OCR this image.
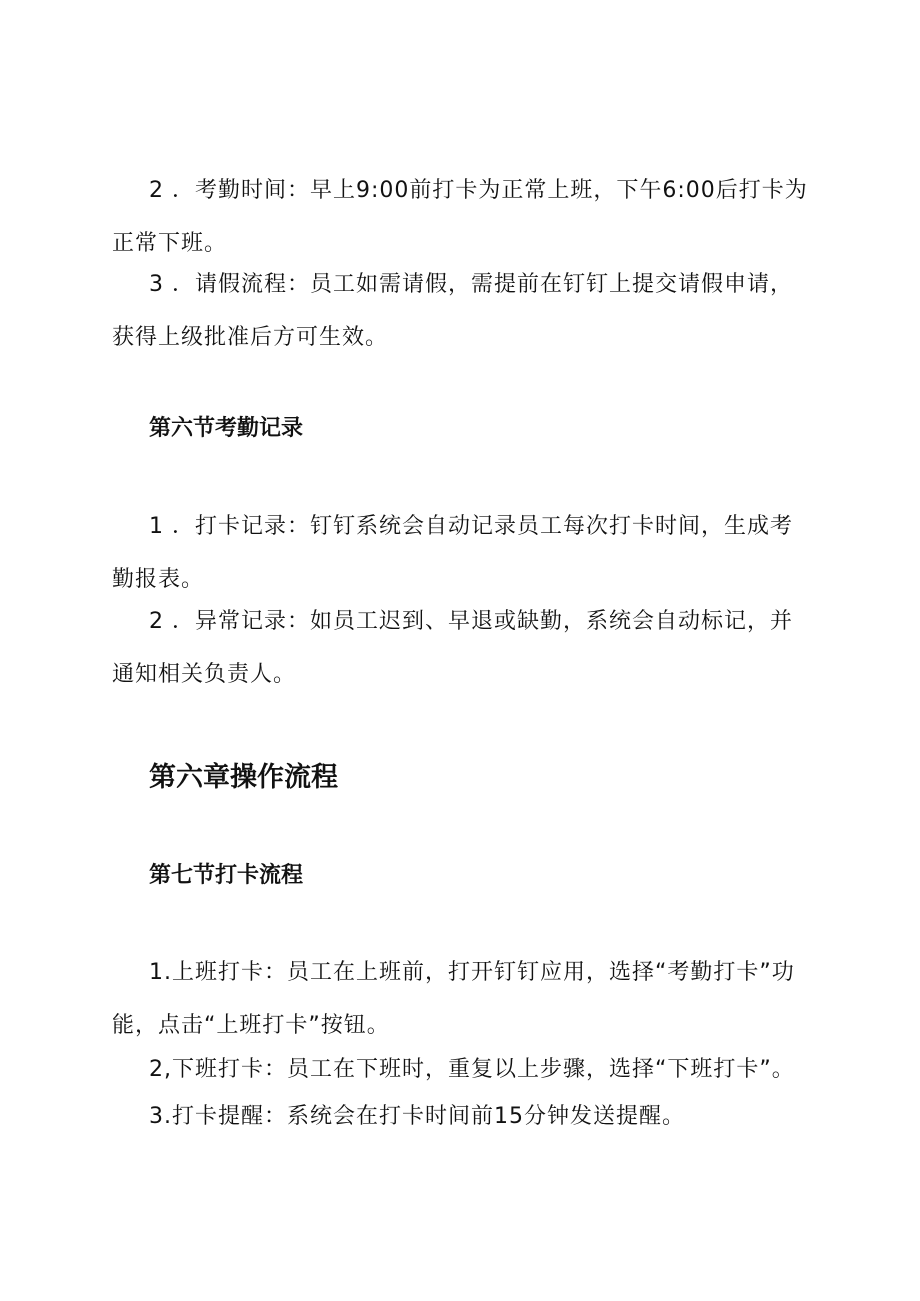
2 ．考勤时间：早上9:00前打卡为正常上班，下午6:00后打卡为正常下班。

3 ．请假流程：员工如需请假，需提前在钉钉上提交请假申请，获得上级批准后方可生效。

第六节考勤记录

1 ．打卡记录：钉钉系统会自动记录员工每次打卡时间，生成考勤报表。

2 ．异常记录：如员工迟到、早退或缺勤，系统会自动标记，并通知相关负责人。

第六章操作流程
第七节打卡流程

1.上班打卡：员工在上班前，打开钉钉应用，选择“考勤打卡”功能，点击“上班打卡”按钮。

2,下班打卡：员工在下班时，重复以上步骤，选择“下班打卡”。

3.打卡提醒：系统会在打卡时间前15分钟发送提醒。
